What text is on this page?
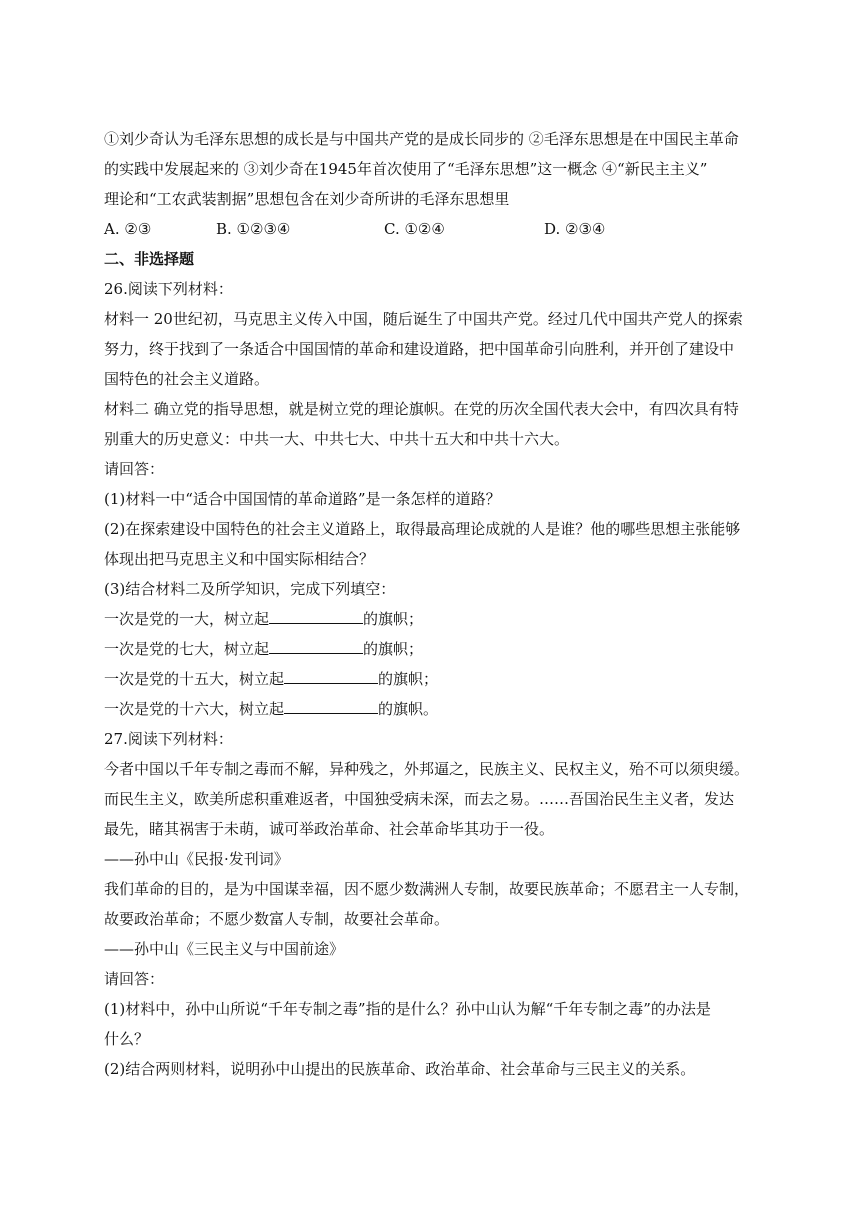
①刘少奇认为毛泽东思想的成长是与中国共产党的是成长同步的 ②毛泽东思想是在中国民主革命
的实践中发展起来的 ③刘少奇在1945年首次使用了“毛泽东思想”这一概念 ④“新民主主义”
理论和“工农武装割据”思想包含在刘少奇所讲的毛泽东思想里
A. ②③	B. ①②③④	C. ①②④	D. ②③④
二、非选择题
26.阅读下列材料：
材料一 20世纪初，马克思主义传入中国，随后诞生了中国共产党。经过几代中国共产党人的探索
努力，终于找到了一条适合中国国情的革命和建设道路，把中国革命引向胜利，并开创了建设中
国特色的社会主义道路。
材料二 确立党的指导思想，就是树立党的理论旗帜。在党的历次全国代表大会中，有四次具有特
别重大的历史意义：中共一大、中共七大、中共十五大和中共十六大。
请回答：
(1)材料一中“适合中国国情的革命道路”是一条怎样的道路？
(2)在探索建设中国特色的社会主义道路上，取得最高理论成就的人是谁？他的哪些思想主张能够
体现出把马克思主义和中国实际相结合？
(3)结合材料二及所学知识，完成下列填空：
一次是党的一大，树立起	的旗帜；
一次是党的七大，树立起	的旗帜；
一次是党的十五大，树立起	的旗帜；
一次是党的十六大，树立起	的旗帜。
27.阅读下列材料：
今者中国以千年专制之毒而不解，异种残之，外邦逼之，民族主义、民权主义，殆不可以须臾缓。
而民生主义，欧美所虑积重难返者，中国独受病未深，而去之易。……吾国治民生主义者，发达
最先，睹其祸害于未萌，诚可举政治革命、社会革命毕其功于一役。
——孙中山《民报·发刊词》
我们革命的目的，是为中国谋幸福，因不愿少数满洲人专制，故要民族革命；不愿君主一人专制，
故要政治革命；不愿少数富人专制，故要社会革命。
——孙中山《三民主义与中国前途》
请回答：
(1)材料中，孙中山所说“千年专制之毒”指的是什么？孙中山认为解“千年专制之毒”的办法是
什么？
(2)结合两则材料，说明孙中山提出的民族革命、政治革命、社会革命与三民主义的关系。
